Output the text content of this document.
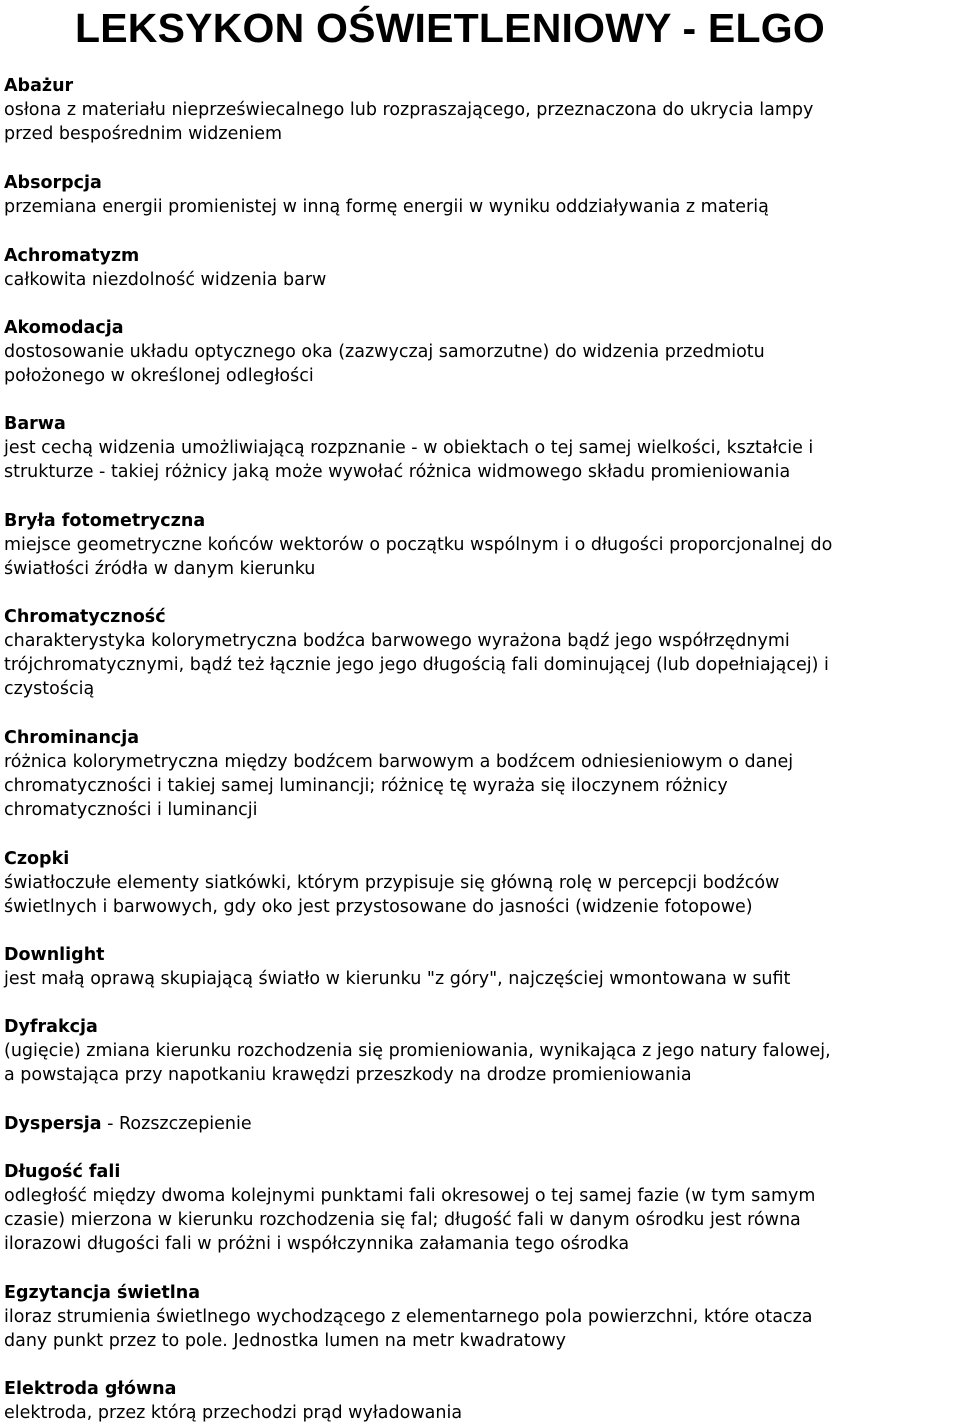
LEKSYKON OŚWIETLENIOWY - ELGO
Abażur
osłona z materiału nieprzeświecalnego lub rozpraszającego, przeznaczona do ukrycia lampy
przed bespośrednim widzeniem
Absorpcja
przemiana energii promienistej w inną formę energii w wyniku oddziaływania z materią
Achromatyzm
całkowita niezdolność widzenia barw
Akomodacja
dostosowanie układu optycznego oka (zazwyczaj samorzutne) do widzenia przedmiotu
położonego w określonej odległości
Barwa
jest cechą widzenia umożliwiającą rozpznanie - w obiektach o tej samej wielkości, kształcie i
strukturze - takiej różnicy jaką może wywołać różnica widmowego składu promieniowania
Bryła fotometryczna
miejsce geometryczne końców wektorów o początku wspólnym i o długości proporcjonalnej do
światłości źródła w danym kierunku
Chromatyczność
charakterystyka kolorymetryczna bodźca barwowego wyrażona bądź jego współrzędnymi
trójchromatycznymi, bądź też łącznie jego jego długością fali dominującej (lub dopełniającej) i
czystością
Chrominancja
różnica kolorymetryczna między bodźcem barwowym a bodźcem odniesieniowym o danej
chromatyczności i takiej samej luminancji; różnicę tę wyraża się iloczynem różnicy
chromatyczności i luminancji
Czopki
światłoczułe elementy siatkówki, którym przypisuje się główną rolę w percepcji bodźców
świetlnych i barwowych, gdy oko jest przystosowane do jasności (widzenie fotopowe)
Downlight
jest małą oprawą skupiającą światło w kierunku "z góry", najczęściej wmontowana w sufit
Dyfrakcja
(ugięcie) zmiana kierunku rozchodzenia się promieniowania, wynikająca z jego natury falowej,
a powstająca przy napotkaniu krawędzi przeszkody na drodze promieniowania
Dyspersja - Rozszczepienie
Długość fali
odległość między dwoma kolejnymi punktami fali okresowej o tej samej fazie (w tym samym
czasie) mierzona w kierunku rozchodzenia się fal; długość fali w danym ośrodku jest równa
ilorazowi długości fali w próżni i współczynnika załamania tego ośrodka
Egzytancja świetlna
iloraz strumienia świetlnego wychodzącego z elementarnego pola powierzchni, które otacza
dany punkt przez to pole. Jednostka lumen na metr kwadratowy
Elektroda główna
elektroda, przez którą przechodzi prąd wyładowania
